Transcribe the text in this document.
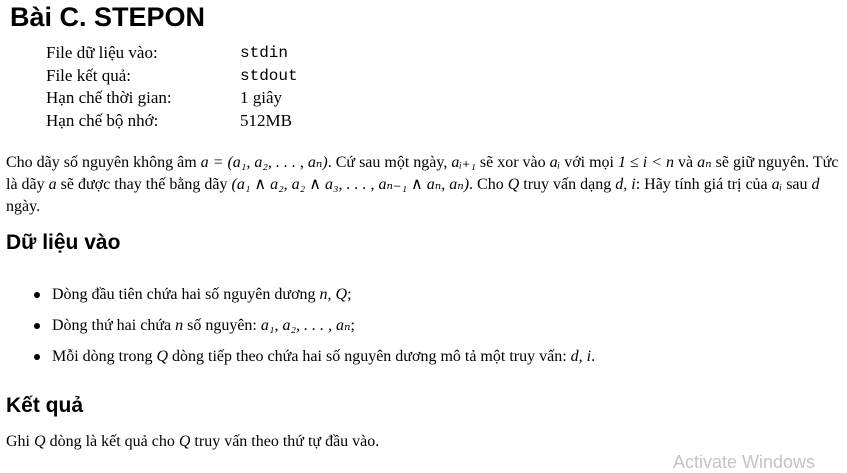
Bài C. STEPON
File dữ liệu vào:	stdin
File kết quả:	stdout
Hạn chế thời gian:	1 giây
Hạn chế bộ nhớ:	512MB
Cho dãy số nguyên không âm a = (a₁, a₂, . . . , aₙ). Cứ sau một ngày, aᵢ₊₁ sẽ xor vào aᵢ với mọi 1 ≤ i < n và aₙ sẽ giữ nguyên. Tức là dãy a sẽ được thay thế bằng dãy (a₁ ∧ a₂, a₂ ∧ a₃, . . . , aₙ₋₁ ∧ aₙ, aₙ). Cho Q truy vấn dạng d, i: Hãy tính giá trị của aᵢ sau d ngày.
Dữ liệu vào
Dòng đầu tiên chứa hai số nguyên dương n, Q;
Dòng thứ hai chứa n số nguyên: a₁, a₂, . . . , aₙ;
Mỗi dòng trong Q dòng tiếp theo chứa hai số nguyên dương mô tả một truy vấn: d, i.
Kết quả
Ghi Q dòng là kết quả cho Q truy vấn theo thứ tự đầu vào.
Activate Windows
